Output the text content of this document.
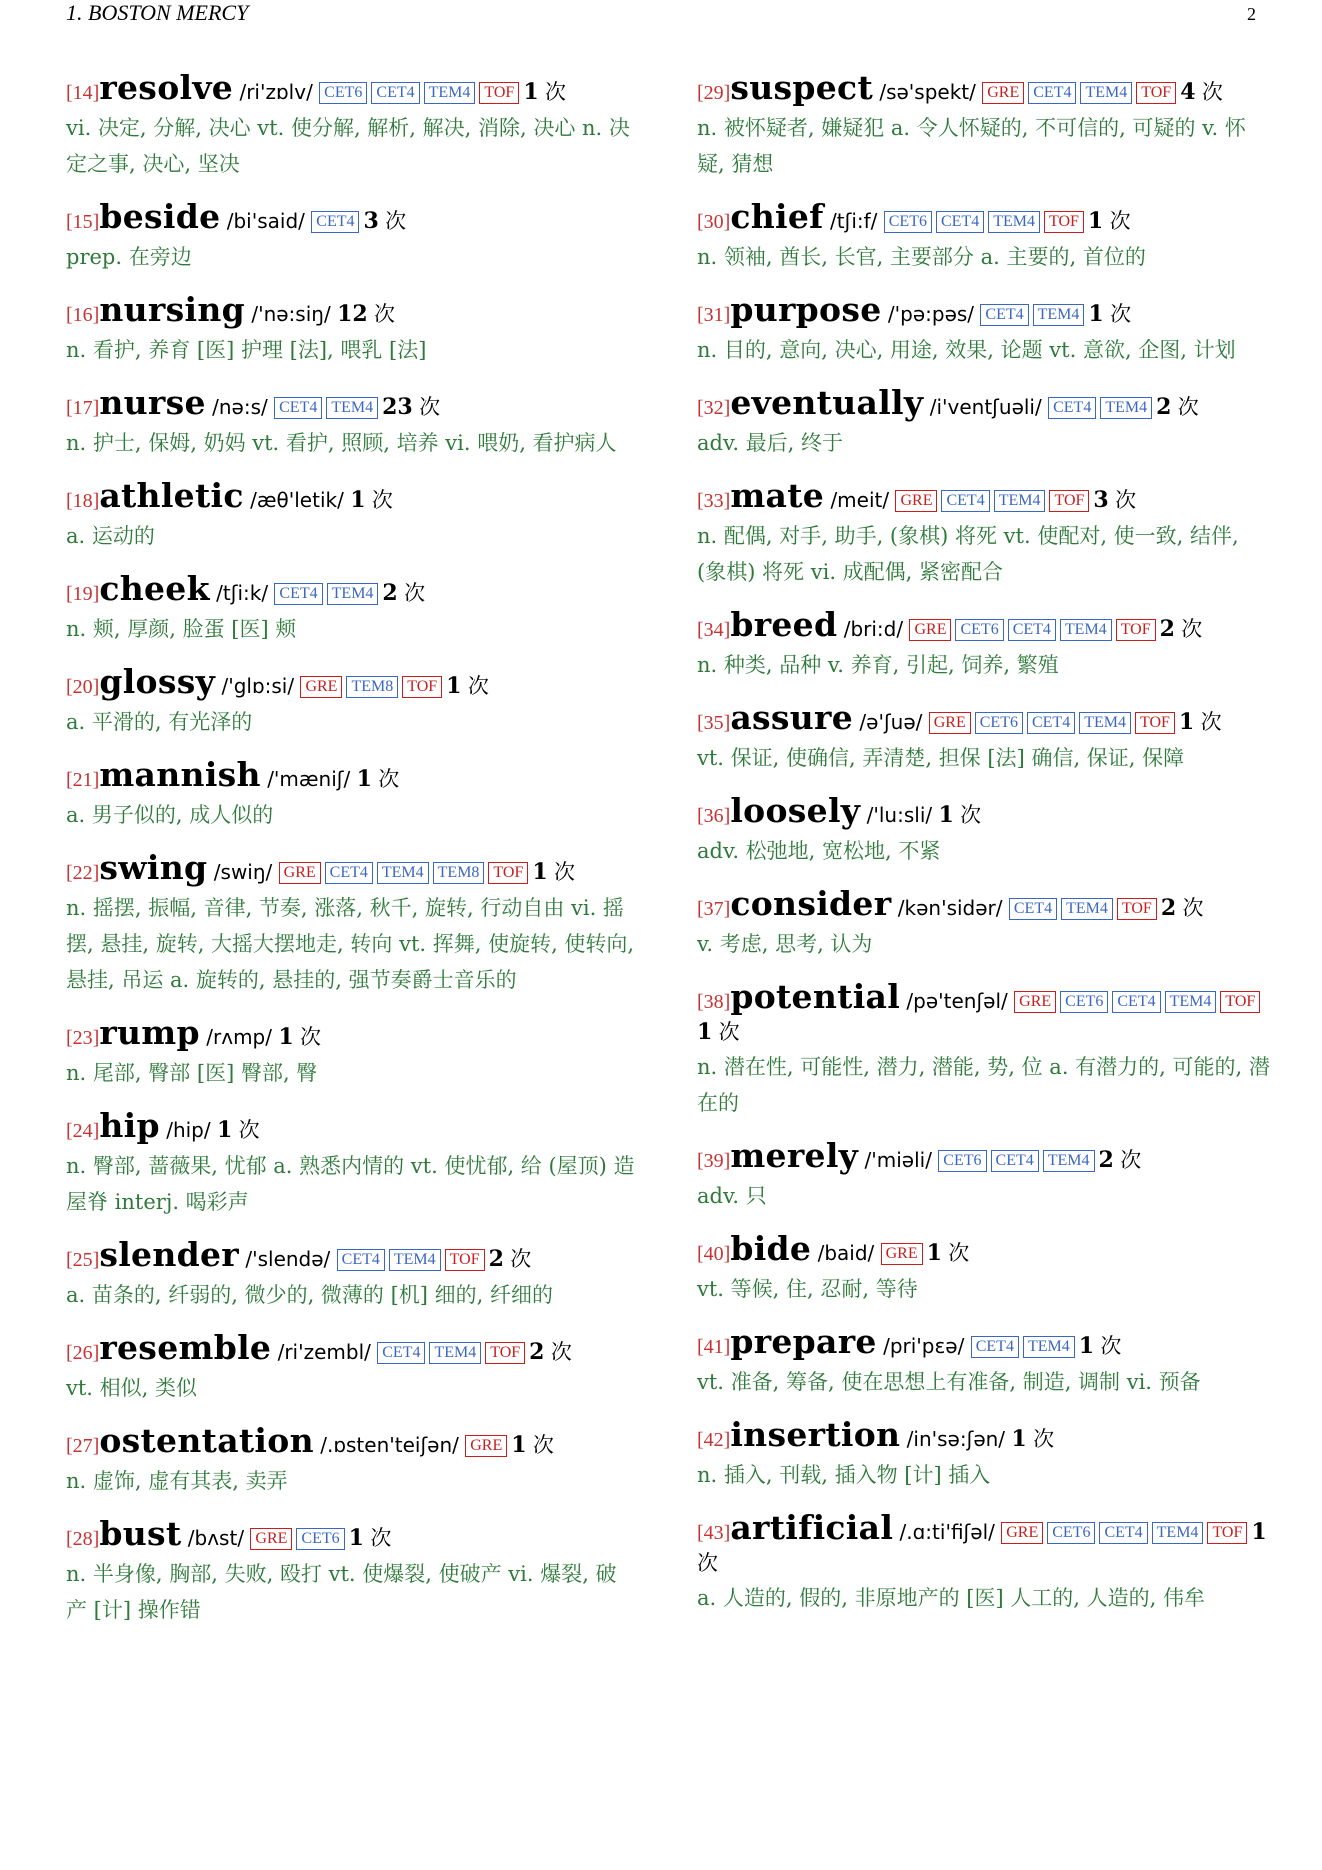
1. BOSTON MERCY	2
[14]resolve /ri'zɒlv/ CET6 CET4 TEM4 TOF 1 次
vi. 决定, 分解, 决心 vt. 使分解, 解析, 解决, 消除, 决心 n. 决定之事, 决心, 坚决
[15]beside /bi'said/ CET4 3 次
prep. 在旁边
[16]nursing /'nə:siŋ/ 12 次
n. 看护, 养育 [医] 护理 [法], 喂乳 [法]
[17]nurse /nə:s/ CET4 TEM4 23 次
n. 护士, 保姆, 奶妈 vt. 看护, 照顾, 培养 vi. 喂奶, 看护病人
[18]athletic /æθ'letik/ 1 次
a. 运动的
[19]cheek /tʃi:k/ CET4 TEM4 2 次
n. 颊, 厚颜, 脸蛋 [医] 颊
[20]glossy /'glɒ:si/ GRE TEM8 TOF 1 次
a. 平滑的, 有光泽的
[21]mannish /'mæniʃ/ 1 次
a. 男子似的, 成人似的
[22]swing /swiŋ/ GRE CET4 TEM4 TEM8 TOF 1 次
n. 摇摆, 振幅, 音律, 节奏, 涨落, 秋千, 旋转, 行动自由 vi. 摇摆, 悬挂, 旋转, 大摇大摆地走, 转向 vt. 挥舞, 使旋转, 使转向, 悬挂, 吊运 a. 旋转的, 悬挂的, 强节奏爵士音乐的
[23]rump /rʌmp/ 1 次
n. 尾部, 臀部 [医] 臀部, 臀
[24]hip /hip/ 1 次
n. 臀部, 蔷薇果, 忧郁 a. 熟悉内情的 vt. 使忧郁, 给 (屋顶) 造屋脊 interj. 喝彩声
[25]slender /'slendə/ CET4 TEM4 TOF 2 次
a. 苗条的, 纤弱的, 微少的, 微薄的 [机] 细的, 纤细的
[26]resemble /ri'zembl/ CET4 TEM4 TOF 2 次
vt. 相似, 类似
[27]ostentation /.ɒsten'teiʃən/ GRE 1 次
n. 虚饰, 虚有其表, 卖弄
[28]bust /bʌst/ GRE CET6 1 次
n. 半身像, 胸部, 失败, 殴打 vt. 使爆裂, 使破产 vi. 爆裂, 破产 [计] 操作错
[29]suspect /sə'spekt/ GRE CET4 TEM4 TOF 4 次
n. 被怀疑者, 嫌疑犯 a. 令人怀疑的, 不可信的, 可疑的 v. 怀疑, 猜想
[30]chief /tʃi:f/ CET6 CET4 TEM4 TOF 1 次
n. 领袖, 酋长, 长官, 主要部分 a. 主要的, 首位的
[31]purpose /'pə:pəs/ CET4 TEM4 1 次
n. 目的, 意向, 决心, 用途, 效果, 论题 vt. 意欲, 企图, 计划
[32]eventually /i'ventʃuəli/ CET4 TEM4 2 次
adv. 最后, 终于
[33]mate /meit/ GRE CET4 TEM4 TOF 3 次
n. 配偶, 对手, 助手, (象棋) 将死 vt. 使配对, 使一致, 结伴, (象棋) 将死 vi. 成配偶, 紧密配合
[34]breed /bri:d/ GRE CET6 CET4 TEM4 TOF 2 次
n. 种类, 品种 v. 养育, 引起, 饲养, 繁殖
[35]assure /ə'ʃuə/ GRE CET6 CET4 TEM4 TOF 1 次
vt. 保证, 使确信, 弄清楚, 担保 [法] 确信, 保证, 保障
[36]loosely /'lu:sli/ 1 次
adv. 松弛地, 宽松地, 不紧
[37]consider /kən'sidər/ CET4 TEM4 TOF 2 次
v. 考虑, 思考, 认为
[38]potential /pə'tenʃəl/ GRE CET6 CET4 TEM4 TOF1 次
n. 潜在性, 可能性, 潜力, 潜能, 势, 位 a. 有潜力的, 可能的, 潜在的
[39]merely /'miəli/ CET6 CET4 TEM4 2 次
adv. 只
[40]bide /baid/ GRE 1 次
vt. 等候, 住, 忍耐, 等待
[41]prepare /pri'pɛə/ CET4 TEM4 1 次
vt. 准备, 筹备, 使在思想上有准备, 制造, 调制 vi. 预备
[42]insertion /in'sə:ʃən/ 1 次
n. 插入, 刊载, 插入物 [计] 插入
[43]artificial /.ɑ:ti'fiʃəl/ GRE CET6 CET4 TEM4 TOF 1 次
a. 人造的, 假的, 非原地产的 [医] 人工的, 人造的, 伟牟
